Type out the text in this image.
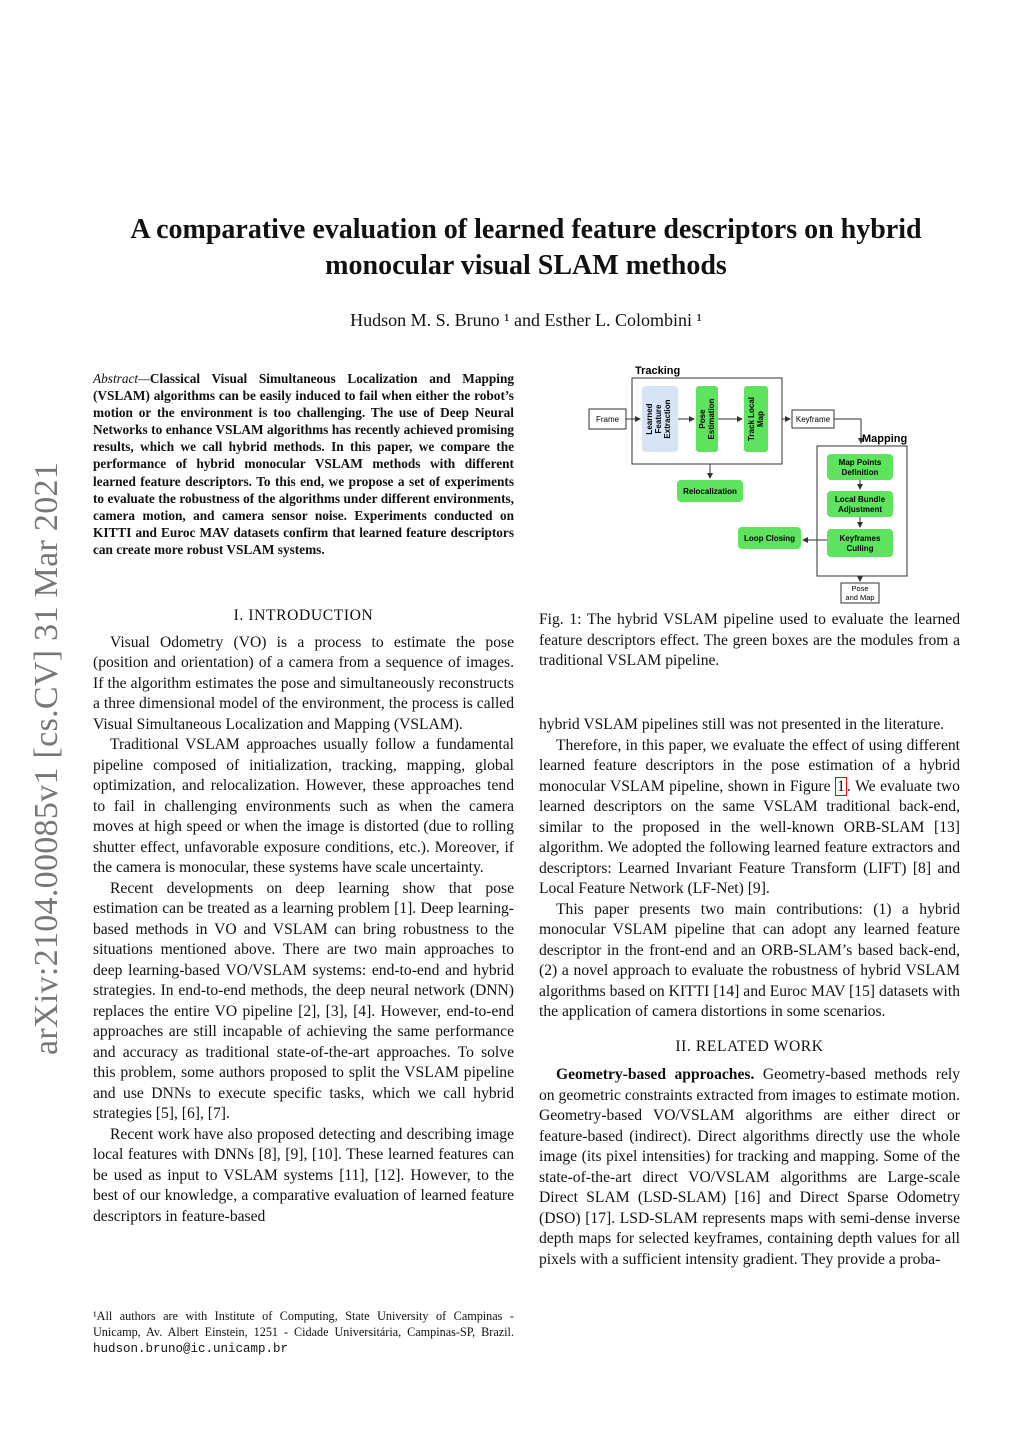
A comparative evaluation of learned feature descriptors on hybrid monocular visual SLAM methods
Hudson M. S. Bruno ¹ and Esther L. Colombini ¹
arXiv:2104.00085v1 [cs.CV] 31 Mar 2021
Abstract—Classical Visual Simultaneous Localization and Mapping (VSLAM) algorithms can be easily induced to fail when either the robot’s motion or the environment is too challenging. The use of Deep Neural Networks to enhance VSLAM algorithms has recently achieved promising results, which we call hybrid methods. In this paper, we compare the performance of hybrid monocular VSLAM methods with different learned feature descriptors. To this end, we propose a set of experiments to evaluate the robustness of the algorithms under different environments, camera motion, and camera sensor noise. Experiments conducted on KITTI and Euroc MAV datasets confirm that learned feature descriptors can create more robust VSLAM systems.
I. INTRODUCTION

Visual Odometry (VO) is a process to estimate the pose (position and orientation) of a camera from a sequence of images. If the algorithm estimates the pose and simultaneously reconstructs a three dimensional model of the environment, the process is called Visual Simultaneous Localization and Mapping (VSLAM).

Traditional VSLAM approaches usually follow a fundamental pipeline composed of initialization, tracking, mapping, global optimization, and relocalization. However, these approaches tend to fail in challenging environments such as when the camera moves at high speed or when the image is distorted (due to rolling shutter effect, unfavorable exposure conditions, etc.). Moreover, if the camera is monocular, these systems have scale uncertainty.

Recent developments on deep learning show that pose estimation can be treated as a learning problem [1]. Deep learning-based methods in VO and VSLAM can bring robustness to the situations mentioned above. There are two main approaches to deep learning-based VO/VSLAM systems: end-to-end and hybrid strategies. In end-to-end methods, the deep neural network (DNN) replaces the entire VO pipeline [2], [3], [4]. However, end-to-end approaches are still incapable of achieving the same performance and accuracy as traditional state-of-the-art approaches. To solve this problem, some authors proposed to split the VSLAM pipeline and use DNNs to execute specific tasks, which we call hybrid strategies [5], [6], [7].

Recent work have also proposed detecting and describing image local features with DNNs [8], [9], [10]. These learned features can be used as input to VSLAM systems [11], [12]. However, to the best of our knowledge, a comparative evaluation of learned feature descriptors in feature-based

¹All authors are with Institute of Computing, State University of Campinas - Unicamp, Av. Albert Einstein, 1251 - Cidade Universitária, Campinas-SP, Brazil. hudson.bruno@ic.unicamp.br
Tracking
Frame	Learned Feature Extraction	Pose Estimation	Track Local Map	Keyframe
Mapping
Map Points
Definition
Local Bundle
Adjustment
Keyframes
Culling
Loop Closing
Relocalization
Pose
and Map
Fig. 1: The hybrid VSLAM pipeline used to evaluate the learned feature descriptors effect. The green boxes are the modules from a traditional VSLAM pipeline.

hybrid VSLAM pipelines still was not presented in the literature.

Therefore, in this paper, we evaluate the effect of using different learned feature descriptors in the pose estimation of a hybrid monocular VSLAM pipeline, shown in Figure 1 . We evaluate two learned descriptors on the same VSLAM traditional back-end, similar to the proposed in the well-known ORB-SLAM [13] algorithm. We adopted the following learned feature extractors and descriptors: Learned Invariant Feature Transform (LIFT) [8] and Local Feature Network (LF-Net) [9].

This paper presents two main contributions: (1) a hybrid monocular VSLAM pipeline that can adopt any learned feature descriptor in the front-end and an ORB-SLAM’s based back-end, (2) a novel approach to evaluate the robustness of hybrid VSLAM algorithms based on KITTI [14] and Euroc MAV [15] datasets with the application of camera distortions in some scenarios.

II. RELATED WORK

Geometry-based approaches. Geometry-based methods rely on geometric constraints extracted from images to estimate motion. Geometry-based VO/VSLAM algorithms are either direct or feature-based (indirect). Direct algorithms directly use the whole image (its pixel intensities) for tracking and mapping. Some of the state-of-the-art direct VO/VSLAM algorithms are Large-scale Direct SLAM (LSD-SLAM) [16] and Direct Sparse Odometry (DSO) [17]. LSD-SLAM represents maps with semi-dense inverse depth maps for selected keyframes, containing depth values for all pixels with a sufficient intensity gradient. They provide a proba-
